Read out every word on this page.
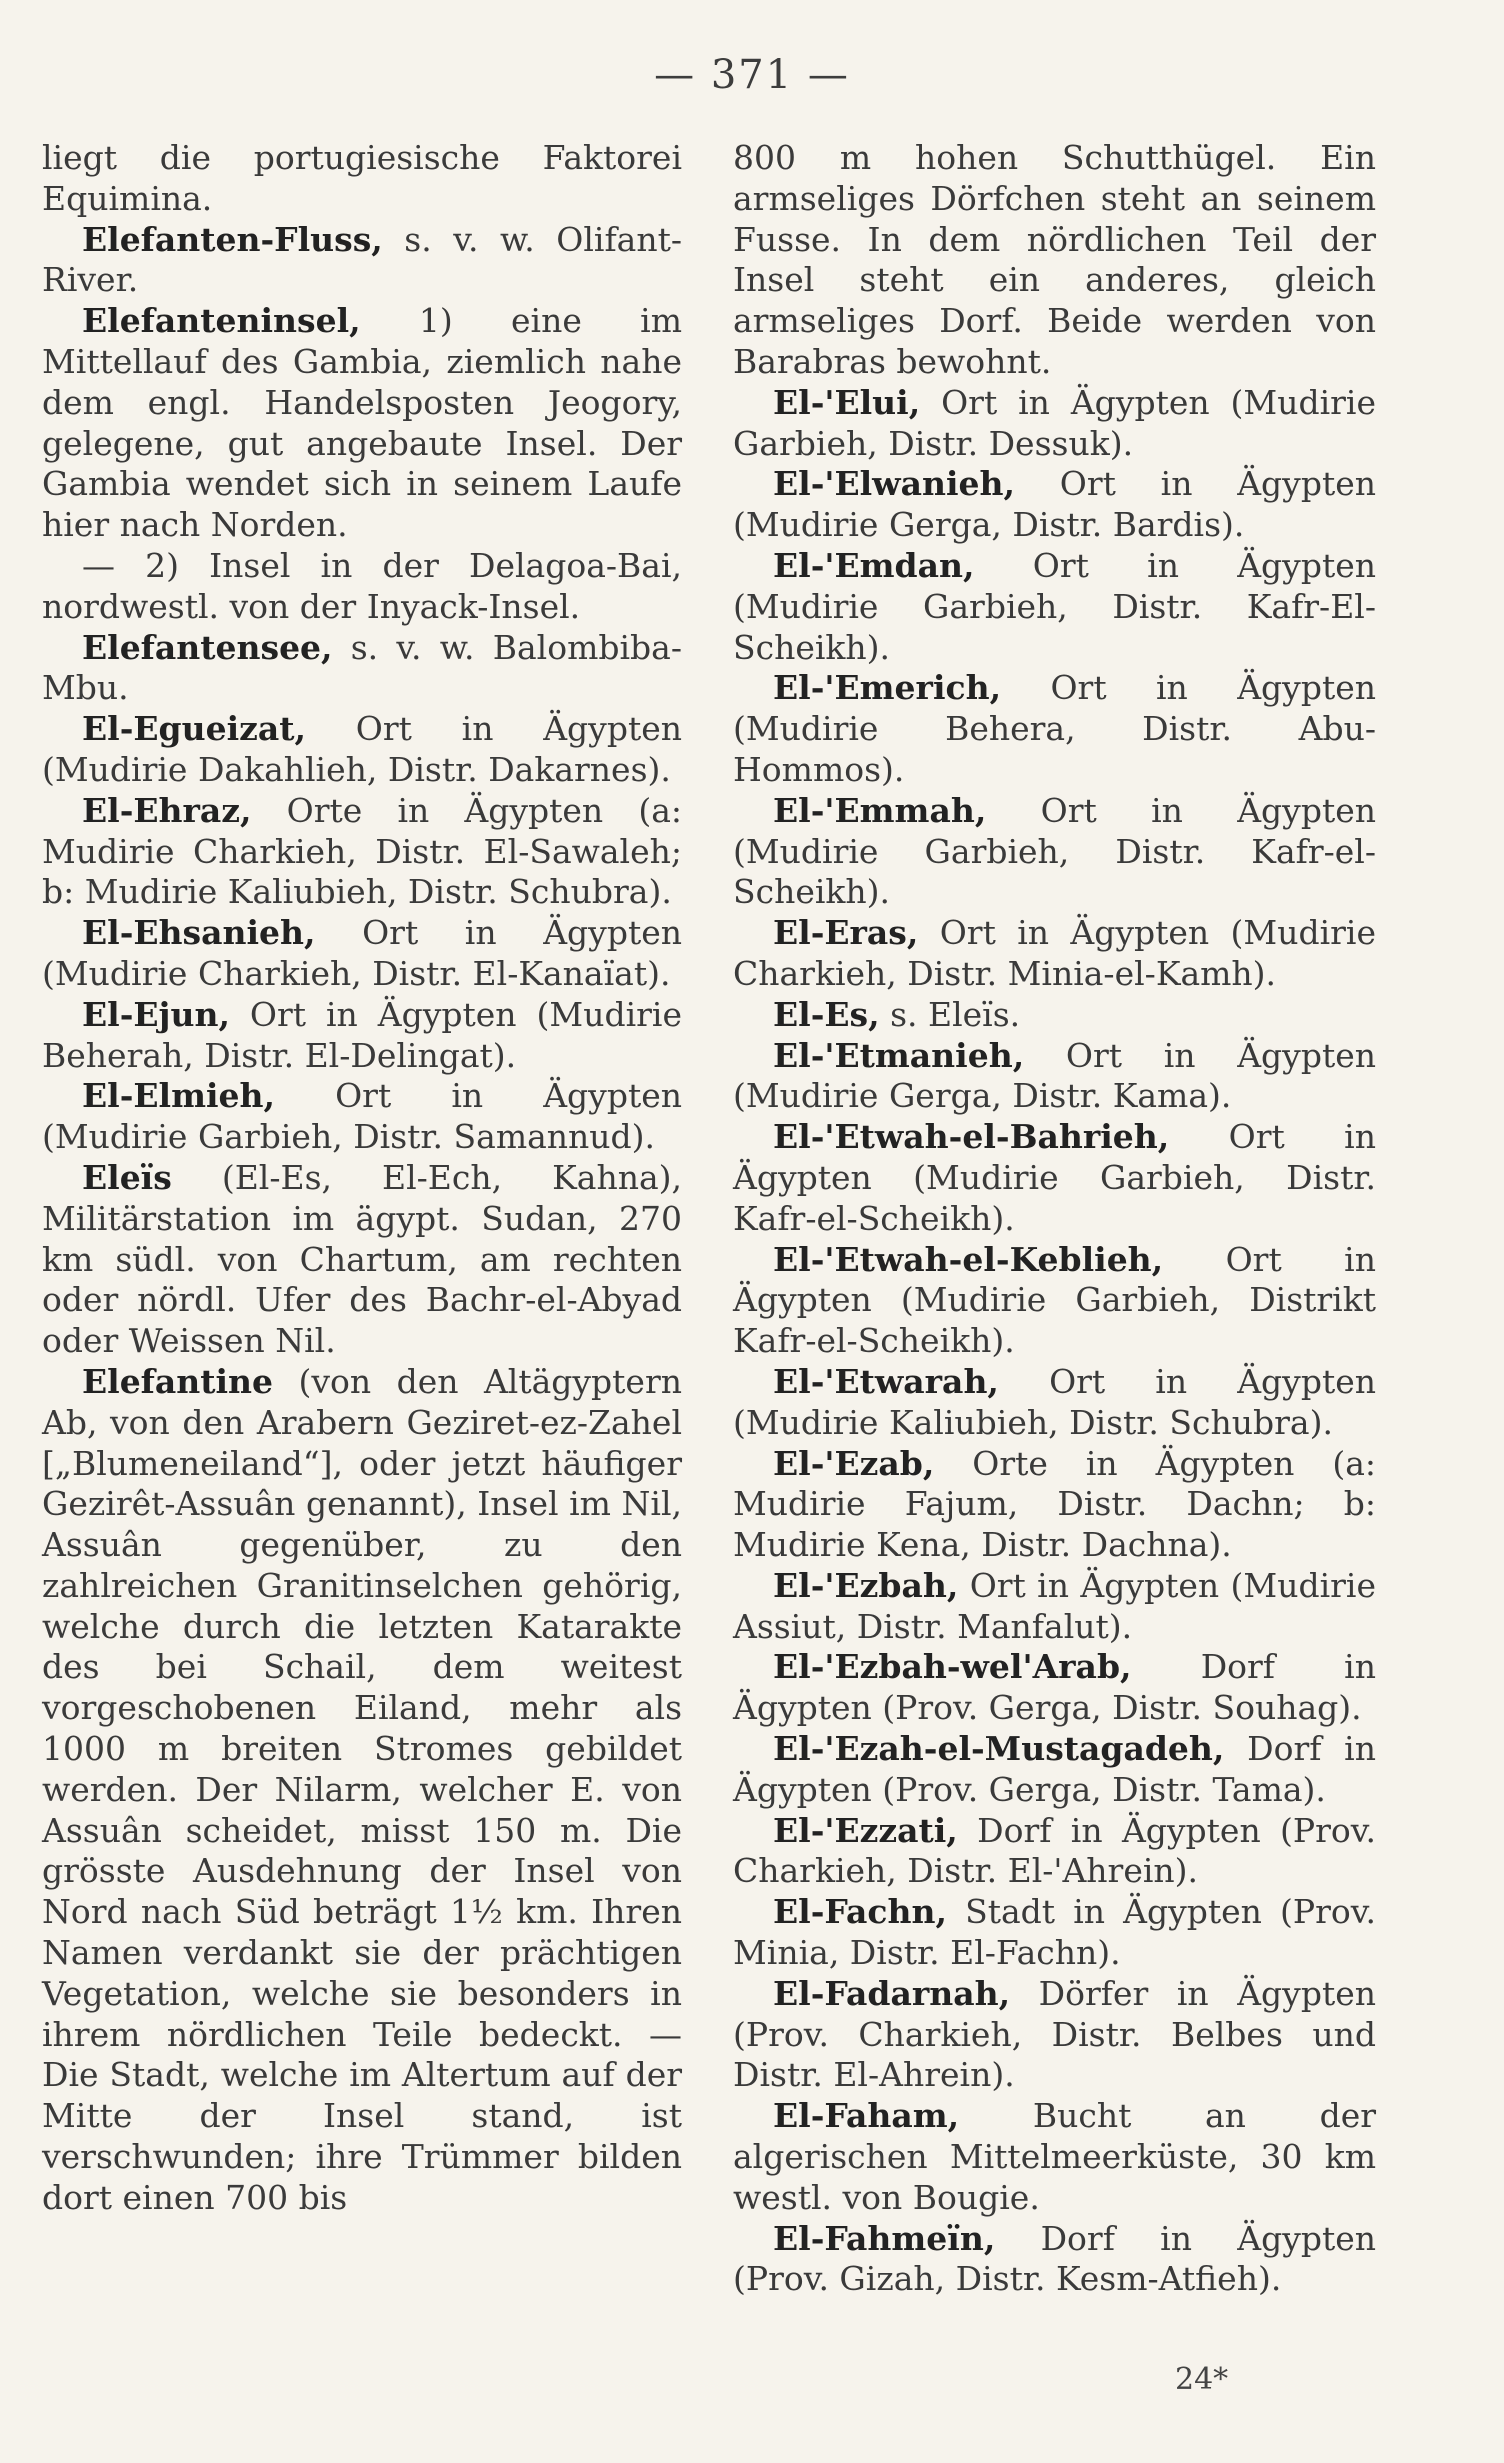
— 371 —

liegt die portugiesische Faktorei Equimina.

Elefanten-Fluss, s. v. w. Olifant-River.

Elefanteninsel, 1) eine im Mittellauf des Gambia, ziemlich nahe dem engl. Handelsposten Jeogory, gelegene, gut angebaute Insel. Der Gambia wendet sich in seinem Laufe hier nach Norden.

— 2) Insel in der Delagoa-Bai, nordwestl. von der Inyack-Insel.

Elefantensee, s. v. w. Balombiba-Mbu.

El-Egueizat, Ort in Ägypten (Mudirie Dakahlieh, Distr. Dakarnes).

El-Ehraz, Orte in Ägypten (a: Mudirie Charkieh, Distr. El-Sawaleh; b: Mudirie Kaliubieh, Distr. Schubra).

El-Ehsanieh, Ort in Ägypten (Mudirie Charkieh, Distr. El-Kanaïat).

El-Ejun, Ort in Ägypten (Mudirie Beherah, Distr. El-Delingat).

El-Elmieh, Ort in Ägypten (Mudirie Garbieh, Distr. Samannud).

Eleïs (El-Es, El-Ech, Kahna), Militärstation im ägypt. Sudan, 270 km südl. von Chartum, am rechten oder nördl. Ufer des Bachr-el-Abyad oder Weissen Nil.

Elefantine (von den Altägyptern Ab, von den Arabern Geziret-ez-Zahel [„Blumeneiland“], oder jetzt häufiger Gezirêt-Assuân genannt), Insel im Nil, Assuân gegenüber, zu den zahlreichen Granitinselchen gehörig, welche durch die letzten Katarakte des bei Schail, dem weitest vorgeschobenen Eiland, mehr als 1000 m breiten Stromes gebildet werden. Der Nilarm, welcher E. von Assuân scheidet, misst 150 m. Die grösste Ausdehnung der Insel von Nord nach Süd beträgt 1½ km. Ihren Namen verdankt sie der prächtigen Vegetation, welche sie besonders in ihrem nördlichen Teile bedeckt. — Die Stadt, welche im Altertum auf der Mitte der Insel stand, ist verschwunden; ihre Trümmer bilden dort einen 700 bis

800 m hohen Schutthügel. Ein armseliges Dörfchen steht an seinem Fusse. In dem nördlichen Teil der Insel steht ein anderes, gleich armseliges Dorf. Beide werden von Barabras bewohnt.

El-'Elui, Ort in Ägypten (Mudirie Garbieh, Distr. Dessuk).

El-'Elwanieh, Ort in Ägypten (Mudirie Gerga, Distr. Bardis).

El-'Emdan, Ort in Ägypten (Mudirie Garbieh, Distr. Kafr-El-Scheikh).

El-'Emerich, Ort in Ägypten (Mudirie Behera, Distr. Abu-Hommos).

El-'Emmah, Ort in Ägypten (Mudirie Garbieh, Distr. Kafr-el-Scheikh).

El-Eras, Ort in Ägypten (Mudirie Charkieh, Distr. Minia-el-Kamh).

El-Es, s. Eleïs.

El-'Etmanieh, Ort in Ägypten (Mudirie Gerga, Distr. Kama).

El-'Etwah-el-Bahrieh, Ort in Ägypten (Mudirie Garbieh, Distr. Kafr-el-Scheikh).

El-'Etwah-el-Keblieh, Ort in Ägypten (Mudirie Garbieh, Distrikt Kafr-el-Scheikh).

El-'Etwarah, Ort in Ägypten (Mudirie Kaliubieh, Distr. Schubra).

El-'Ezab, Orte in Ägypten (a: Mudirie Fajum, Distr. Dachn; b: Mudirie Kena, Distr. Dachna).

El-'Ezbah, Ort in Ägypten (Mudirie Assiut, Distr. Manfalut).

El-'Ezbah-wel'Arab, Dorf in Ägypten (Prov. Gerga, Distr. Souhag).

El-'Ezah-el-Mustagadeh, Dorf in Ägypten (Prov. Gerga, Distr. Tama).

El-'Ezzati, Dorf in Ägypten (Prov. Charkieh, Distr. El-'Ahrein).

El-Fachn, Stadt in Ägypten (Prov. Minia, Distr. El-Fachn).

El-Fadarnah, Dörfer in Ägypten (Prov. Charkieh, Distr. Belbes und Distr. El-Ahrein).

El-Faham, Bucht an der algerischen Mittelmeerküste, 30 km westl. von Bougie.

El-Fahmeïn, Dorf in Ägypten (Prov. Gizah, Distr. Kesm-Atfieh).

24*
